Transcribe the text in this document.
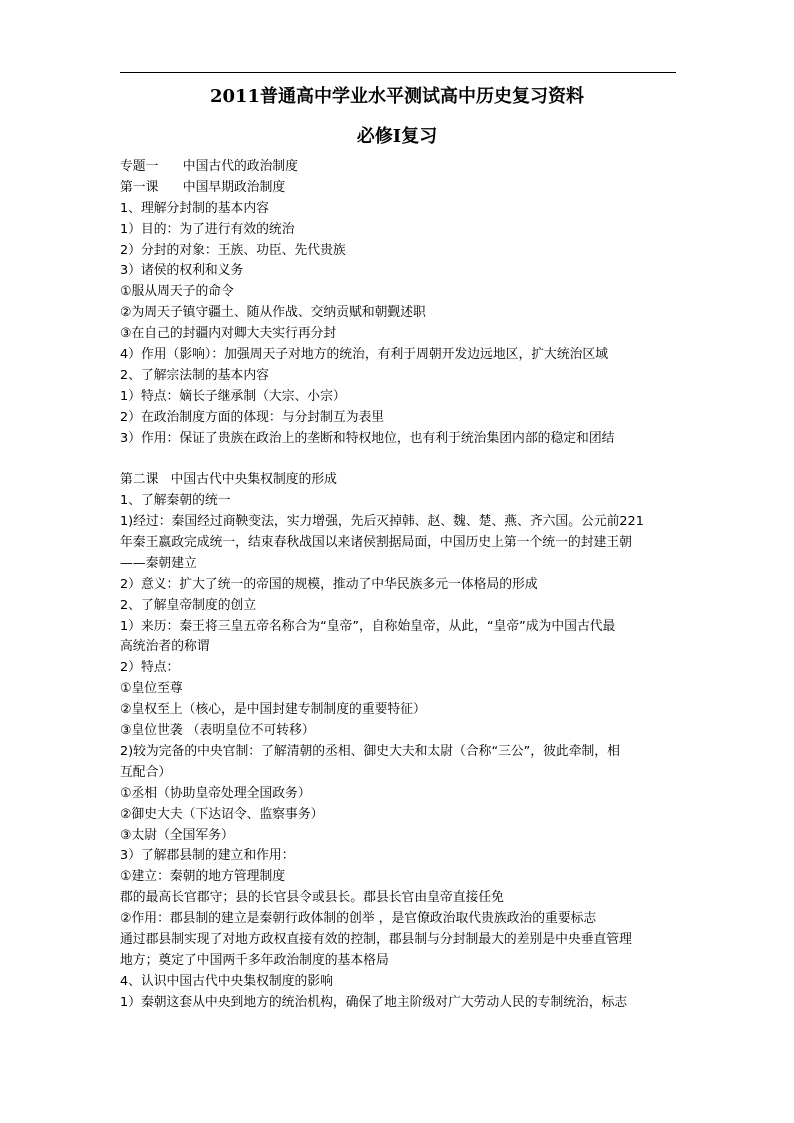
2011普通高中学业水平测试高中历史复习资料
必修Ⅰ复习
专题一      中国古代的政治制度
第一课      中国早期政治制度
1、理解分封制的基本内容
1）目的：为了进行有效的统治
2）分封的对象：王族、功臣、先代贵族
3）诸侯的权利和义务
①服从周天子的命令
②为周天子镇守疆土、随从作战、交纳贡赋和朝觐述职
③在自己的封疆内对卿大夫实行再分封
4）作用（影响）：加强周天子对地方的统治，有利于周朝开发边远地区，扩大统治区域
2、了解宗法制的基本内容
1）特点：嫡长子继承制（大宗、小宗）
2）在政治制度方面的体现：与分封制互为表里
3）作用：保证了贵族在政治上的垄断和特权地位，也有利于统治集团内部的稳定和团结
第二课   中国古代中央集权制度的形成
1、了解秦朝的统一
1)经过：秦国经过商鞅变法，实力增强，先后灭掉韩、赵、魏、楚、燕、齐六国。公元前221
年秦王嬴政完成统一，结束春秋战国以来诸侯割据局面，中国历史上第一个统一的封建王朝
——秦朝建立
2）意义：扩大了统一的帝国的规模，推动了中华民族多元一体格局的形成
2、了解皇帝制度的创立
1）来历：秦王将三皇五帝名称合为“皇帝”，自称始皇帝，从此，“皇帝”成为中国古代最
高统治者的称谓
2）特点：
①皇位至尊
②皇权至上（核心，是中国封建专制制度的重要特征）
③皇位世袭 （表明皇位不可转移）
2)较为完备的中央官制：了解清朝的丞相、御史大夫和太尉（合称“三公”，彼此牵制，相
互配合）
①丞相（协助皇帝处理全国政务）
②御史大夫（下达诏令、监察事务）
③太尉（全国军务）
3）了解郡县制的建立和作用：
①建立：秦朝的地方管理制度
郡的最高长官郡守；县的长官县令或县长。郡县长官由皇帝直接任免
②作用：郡县制的建立是秦朝行政体制的创举 ，是官僚政治取代贵族政治的重要标志
通过郡县制实现了对地方政权直接有效的控制，郡县制与分封制最大的差别是中央垂直管理
地方；奠定了中国两千多年政治制度的基本格局
4、认识中国古代中央集权制度的影响
1）秦朝这套从中央到地方的统治机构，确保了地主阶级对广大劳动人民的专制统治，标志
